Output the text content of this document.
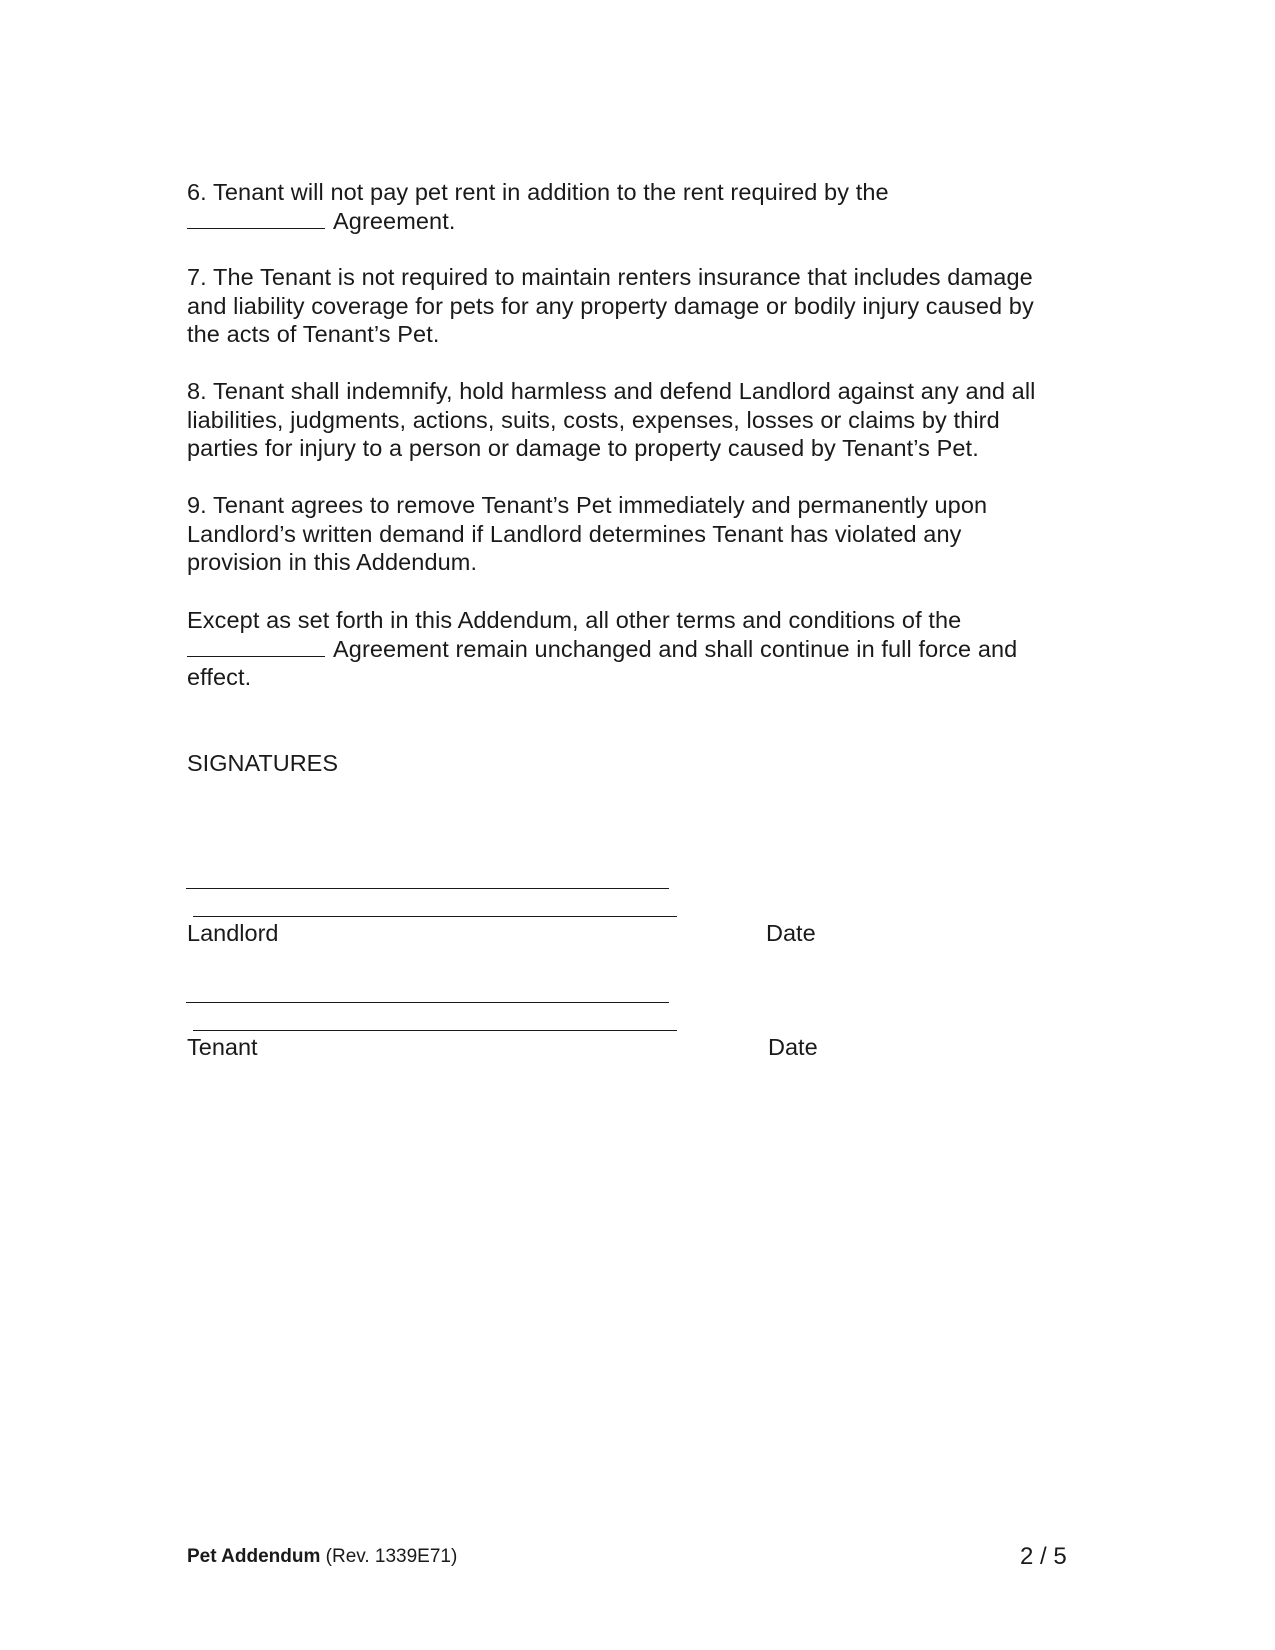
6. Tenant will not pay pet rent in addition to the rent required by the
Agreement.
7. The Tenant is not required to maintain renters insurance that includes damage and liability coverage for pets for any property damage or bodily injury caused by the acts of Tenant’s Pet.
8. Tenant shall indemnify, hold harmless and defend Landlord against any and all liabilities, judgments, actions, suits, costs, expenses, losses or claims by third parties for injury to a person or damage to property caused by Tenant’s Pet.
9. Tenant agrees to remove Tenant’s Pet immediately and permanently upon Landlord’s written demand if Landlord determines Tenant has violated any provision in this Addendum.
Except as set forth in this Addendum, all other terms and conditions of the
Agreement remain unchanged and shall continue in full force and
effect.
SIGNATURES
Landlord	Date
Tenant	Date
Pet Addendum (Rev. 1339E71)	2 / 5
